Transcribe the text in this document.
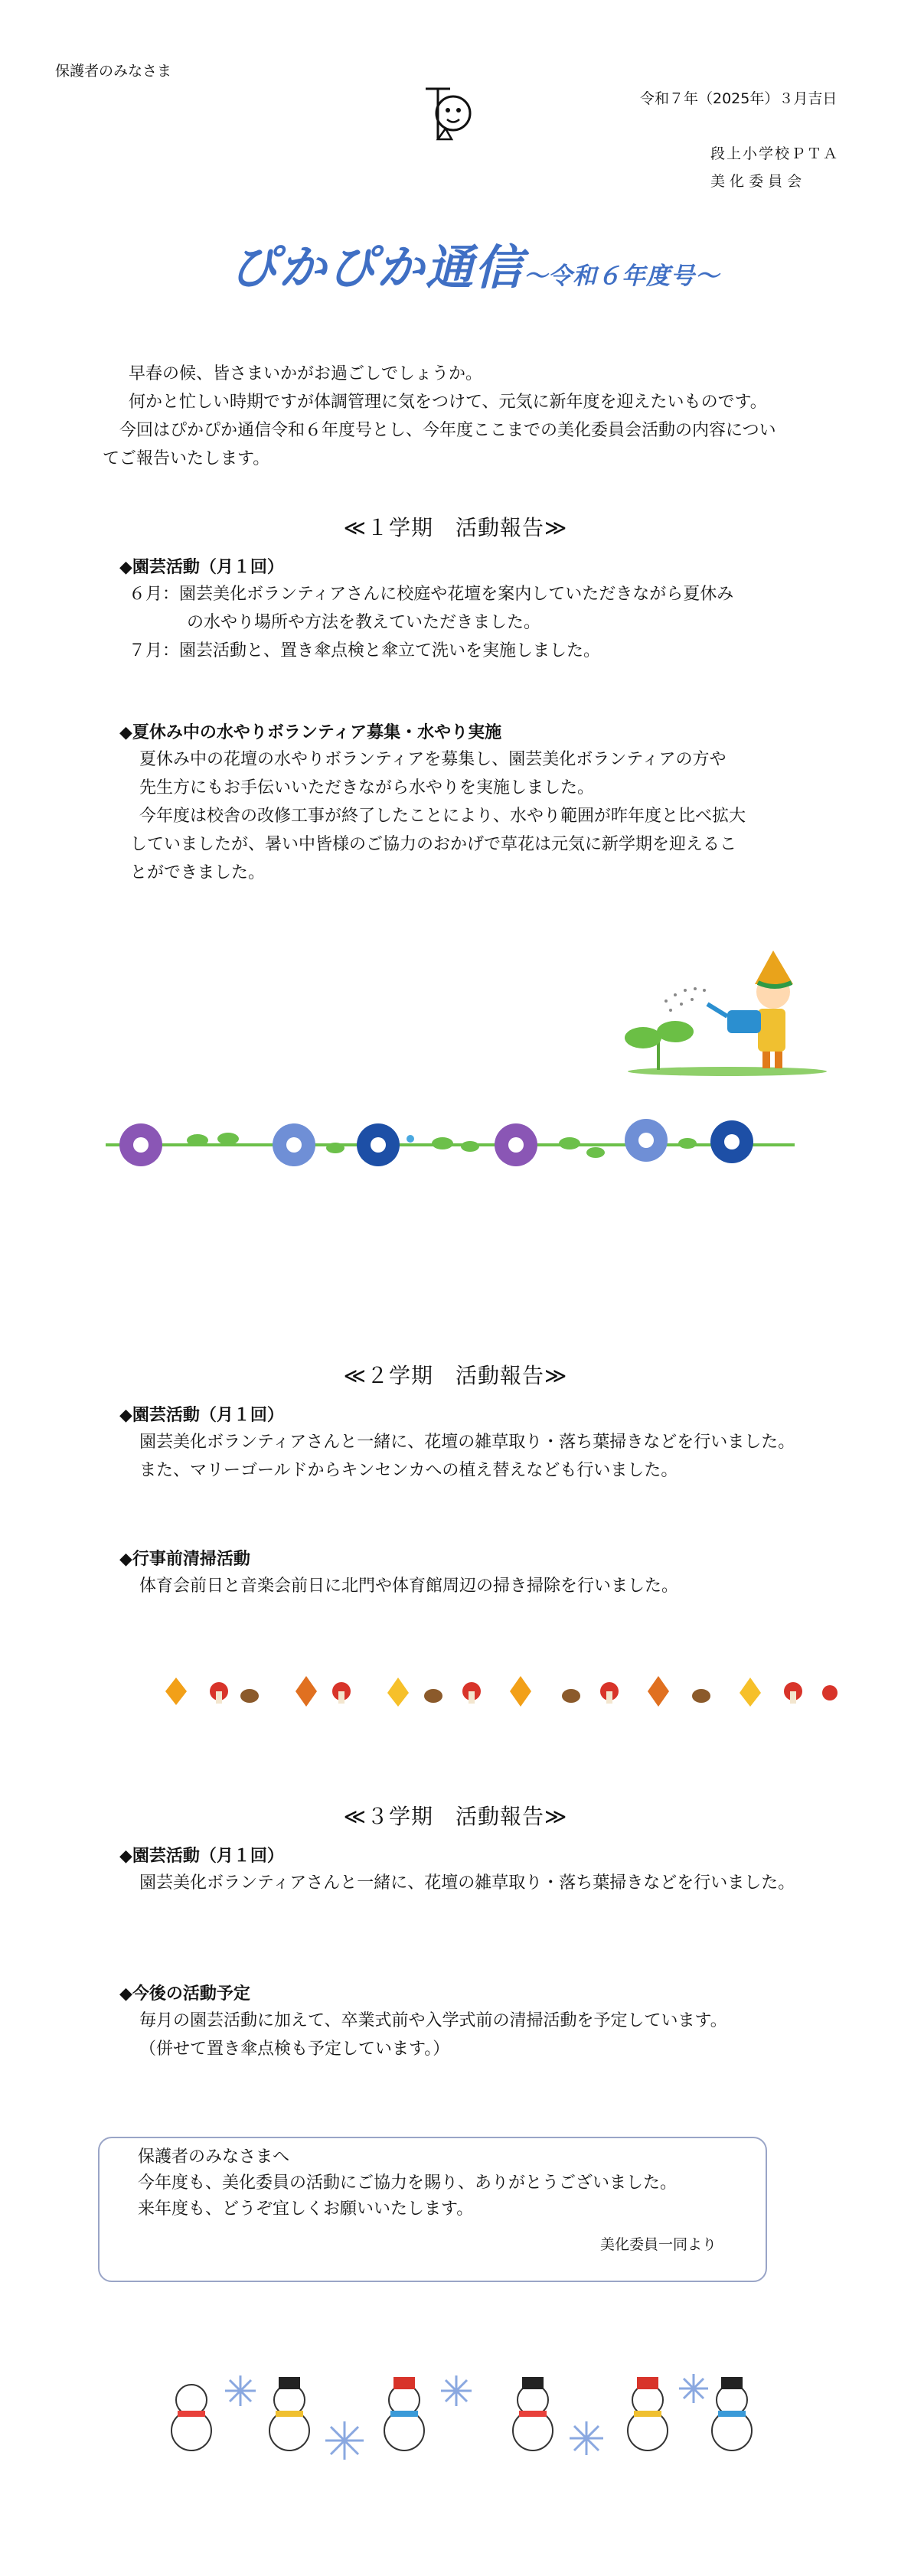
保護者のみなさま
令和７年（2025年）３月吉日
段上小学校ＰＴＡ
美 化 委 員 会
ぴかぴか通信～令和６年度号～
早春の候、皆さまいかがお過ごしでしょうか。
何かと忙しい時期ですが体調管理に気をつけて、元気に新年度を迎えたいものです。
今回はぴかぴか通信令和６年度号とし、今年度ここまでの美化委員会活動の内容につい
てご報告いたします。
≪１学期　活動報告≫
◆園芸活動（月１回）
６月：園芸美化ボランティアさんに校庭や花壇を案内していただきながら夏休み
の水やり場所や方法を教えていただきました。
７月：園芸活動と、置き傘点検と傘立て洗いを実施しました。
◆夏休み中の水やりボランティア募集・水やり実施
夏休み中の花壇の水やりボランティアを募集し、園芸美化ボランティアの方や
先生方にもお手伝いいただきながら水やりを実施しました。
今年度は校舎の改修工事が終了したことにより、水やり範囲が昨年度と比べ拡大
していましたが、暑い中皆様のご協力のおかげで草花は元気に新学期を迎えるこ
とができました。
≪２学期　活動報告≫
◆園芸活動（月１回）
園芸美化ボランティアさんと一緒に、花壇の雑草取り・落ち葉掃きなどを行いました。
また、マリーゴールドからキンセンカへの植え替えなども行いました。
◆行事前清掃活動
体育会前日と音楽会前日に北門や体育館周辺の掃き掃除を行いました。
≪３学期　活動報告≫
◆園芸活動（月１回）
園芸美化ボランティアさんと一緒に、花壇の雑草取り・落ち葉掃きなどを行いました。
◆今後の活動予定
毎月の園芸活動に加えて、卒業式前や入学式前の清掃活動を予定しています。
（併せて置き傘点検も予定しています。）
保護者のみなさまへ
今年度も、美化委員の活動にご協力を賜り、ありがとうございました。
来年度も、どうぞ宜しくお願いいたします。
美化委員一同より
